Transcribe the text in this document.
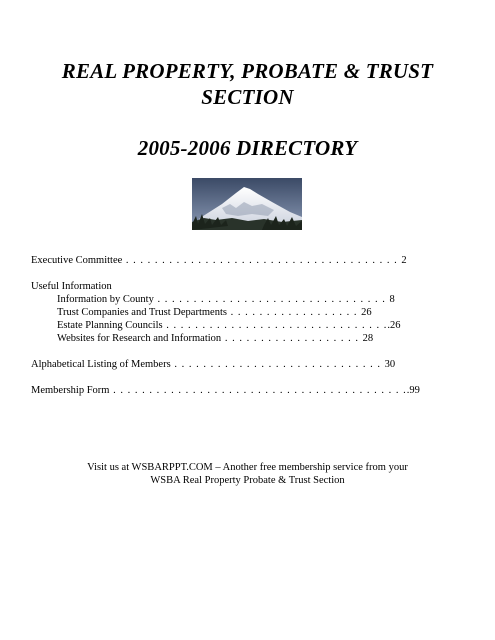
REAL PROPERTY, PROBATE & TRUST
SECTION
2005-2006 DIRECTORY
Executive Committee . . . . . . . . . . . . . . . . . . . . . . . . . . . . . . . . . . . . . . 2
Useful Information
Information by County . . . . . . . . . . . . . . . . . . . . . . . . . . . . . . . . 8
Trust Companies and Trust Departments . . . . . . . . . . . . . . . . . . 26
Estate Planning Councils . . . . . . . . . . . . . . . . . . . . . . . . . . . . . . ..26
Websites for Research and Information . . . . . . . . . . . . . . . . . . . 28
Alphabetical Listing of Members . . . . . . . . . . . . . . . . . . . . . . . . . . . . . 30
Membership Form . . . . . . . . . . . . . . . . . . . . . . . . . . . . . . . . . . . . . . . . ..99
Visit us at WSBARPPT.COM – Another free membership service from your
WSBA Real Property Probate & Trust Section
